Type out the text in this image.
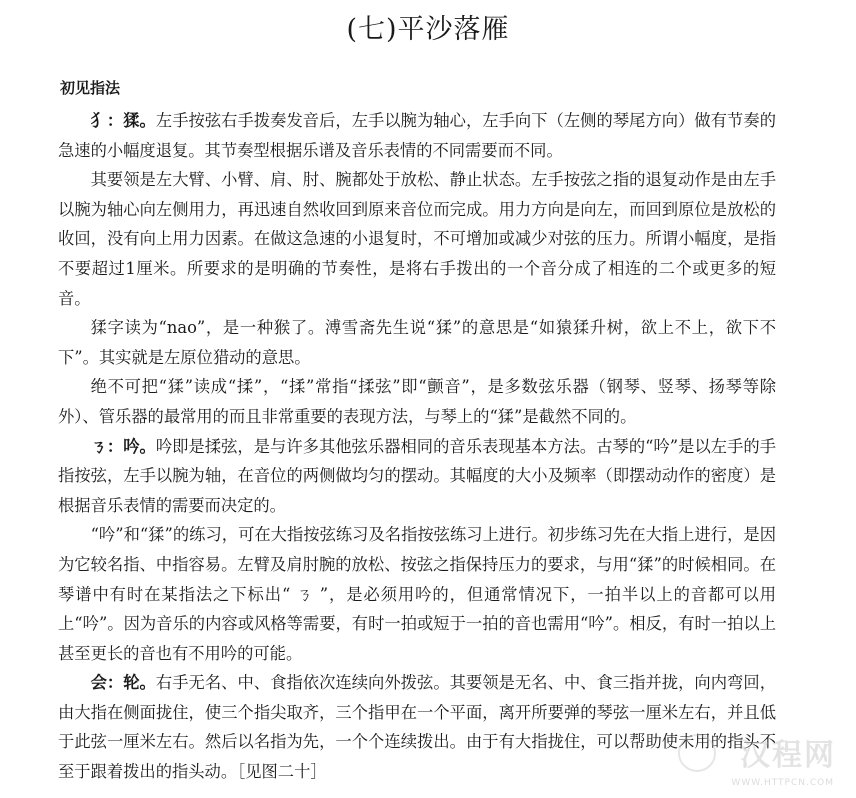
(七)平沙落雁
初见指法

犭：猱。左手按弦右手拨奏发音后，左手以腕为轴心，左手向下（左侧的琴尾方向）做有节奏的急速的小幅度退复。其节奏型根据乐谱及音乐表情的不同需要而不同。

其要领是左大臂、小臂、肩、肘、腕都处于放松、静止状态。左手按弦之指的退复动作是由左手以腕为轴心向左侧用力，再迅速自然收回到原来音位而完成。用力方向是向左，而回到原位是放松的收回，没有向上用力因素。在做这急速的小退复时，不可增加或减少对弦的压力。所谓小幅度，是指不要超过1厘米。所要求的是明确的节奏性，是将右手拨出的一个音分成了相连的二个或更多的短音。

猱字读为“nao”，是一种猴了。溥雪斋先生说“猱”的意思是“如猿猱升树，欲上不上，欲下不下”。其实就是左原位猎动的意思。

绝不可把“猱”读成“揉”，“揉”常指“揉弦”即“颤音”，是多数弦乐器（钢琴、竖琴、扬琴等除外）、管乐器的最常用的而且非常重要的表现方法，与琴上的“猱”是截然不同的。

ㄋ：吟。吟即是揉弦，是与许多其他弦乐器相同的音乐表现基本方法。古琴的“吟”是以左手的手指按弦，左手以腕为轴，在音位的两侧做均匀的摆动。其幅度的大小及频率（即摆动动作的密度）是根据音乐表情的需要而决定的。

“吟”和“猱”的练习，可在大指按弦练习及名指按弦练习上进行。初步练习先在大指上进行，是因为它较名指、中指容易。左臂及肩肘腕的放松、按弦之指保持压力的要求，与用“猱”的时候相同。在琴谱中有时在某指法之下标出“ ㄋ ”，是必须用吟的，但通常情况下，一拍半以上的音都可以用上“吟”。因为音乐的内容或风格等需要，有时一拍或短于一拍的音也需用“吟”。相反，有时一拍以上甚至更长的音也有不用吟的可能。

会：轮。右手无名、中、食指依次连续向外拨弦。其要领是无名、中、食三指并拢，向内弯回，由大指在侧面拢住，使三个指尖取齐，三个指甲在一个平面，离开所要弹的琴弦一厘米左右，并且低于此弦一厘米左右。然后以名指为先，一个个连续拨出。由于有大指拢住，可以帮助使未用的指头不至于跟着拨出的指头动。［见图二十］	汉程网
WWW.HTTPCN.COM
